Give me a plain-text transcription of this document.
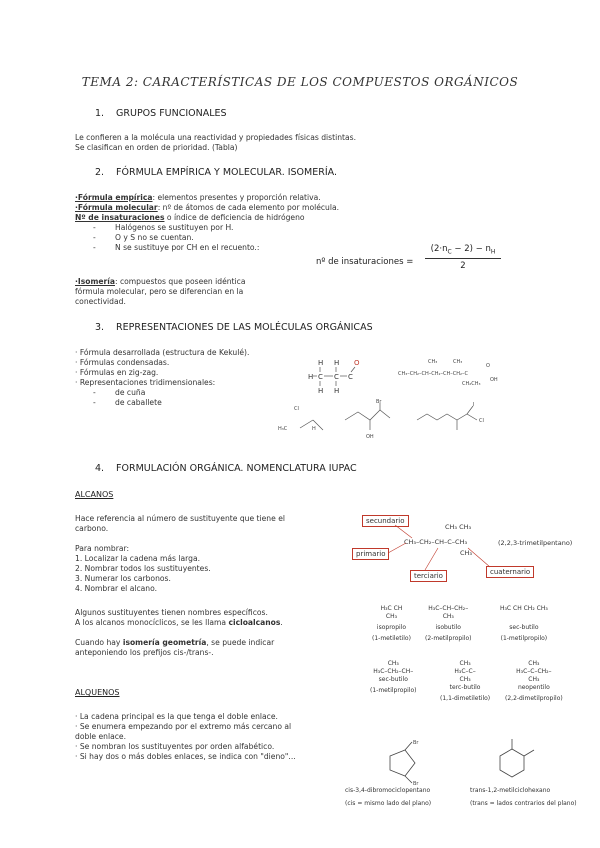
TEMA 2: CARACTERÍSTICAS DE LOS COMPUESTOS ORGÁNICOS
1. GRUPOS FUNCIONALES

Le confieren a la molécula una reactividad y propiedades físicas distintas.

Se clasifican en orden de prioridad. (Tabla)

2. FÓRMULA EMPÍRICA Y MOLECULAR. ISOMERÍA.

·Fórmula empírica: elementos presentes y proporción relativa.

·Fórmula molecular: nº de átomos de cada elemento por molécula.

Nº de insaturaciones o índice de deficiencia de hidrógeno

-	Halógenos se sustituyen por H.

-	O y S no se cuentan.

-	N se sustituye por CH en el recuento.:

·Isomería: compuestos que poseen idéntica

fórmula molecular, pero se diferencian en la

conectividad.

nº de insaturaciones =
$(2\cdot n_C - 2) - n_H$
2
3. REPRESENTACIONES DE LAS MOLÉCULAS ORGÁNICAS

· Fórmula desarrollada (estructura de Kekulé).

· Fórmulas condensadas.

· Fórmulas en zig-zag.

· Representaciones tridimensionales:

-	de cuña

-	de caballete

H H
H C C C
H H
O	CH₃	CH₃
CH₃–CH₂–CH–CH₂–CH–CH₂–C
CH₂CH₃
O
OH
Cl
H₃C	H
Br
OH
Cl
I
4. FORMULACIÓN ORGÁNICA. NOMENCLATURA IUPAC
ALCANOS

Hace referencia al número de sustituyente que tiene el

carbono.

Para nombrar:

1. Localizar la cadena más larga.

2. Nombrar todos los sustituyentes.

3. Numerar los carbonos.

4. Nombrar el alcano.

Algunos sustituyentes tienen nombres específicos.

A los alcanos monocíclicos, se les llama cicloalcanos.

Cuando hay isomería geometría, se puede indicar

anteponiendo los prefijos cis-/trans-.

ALQUENOS

· La cadena principal es la que tenga el doble enlace.

· Se enumera empezando por el extremo más cercano al

doble enlace.

· Se nombran los sustituyentes por orden alfabético.

· Si hay dos o más dobles enlaces, se indica con "dieno"...

secundario
primario
terciario	cuaternario
CH₃ CH₃
CH₃–CH₂–CH–C–CH₃
CH₃
(2,2,3-trimetilpentano)
H₃C CH
CH₃
isopropilo
(1-metiletilo)
H₃C–CH–CH₂–
CH₃
isobutilo
(2-metilpropilo)
H₃C CH CH₂ CH₃
sec-butilo
(1-metilpropilo)
CH₃
H₃C–CH₂–CH–
sec-butilo
(1-metilpropilo)
CH₃
H₃C–C–
CH₃
terc-butilo
(1,1-dimetiletilo)
CH₃
H₃C–C–CH₂–
CH₃
neopentilo
(2,2-dimetilpropilo)
Br
Br
cis-3,4-dibromociclopentano
(cis = mismo lado del plano)
trans-1,2-metilciclohexano
(trans = lados contrarios del plano)
